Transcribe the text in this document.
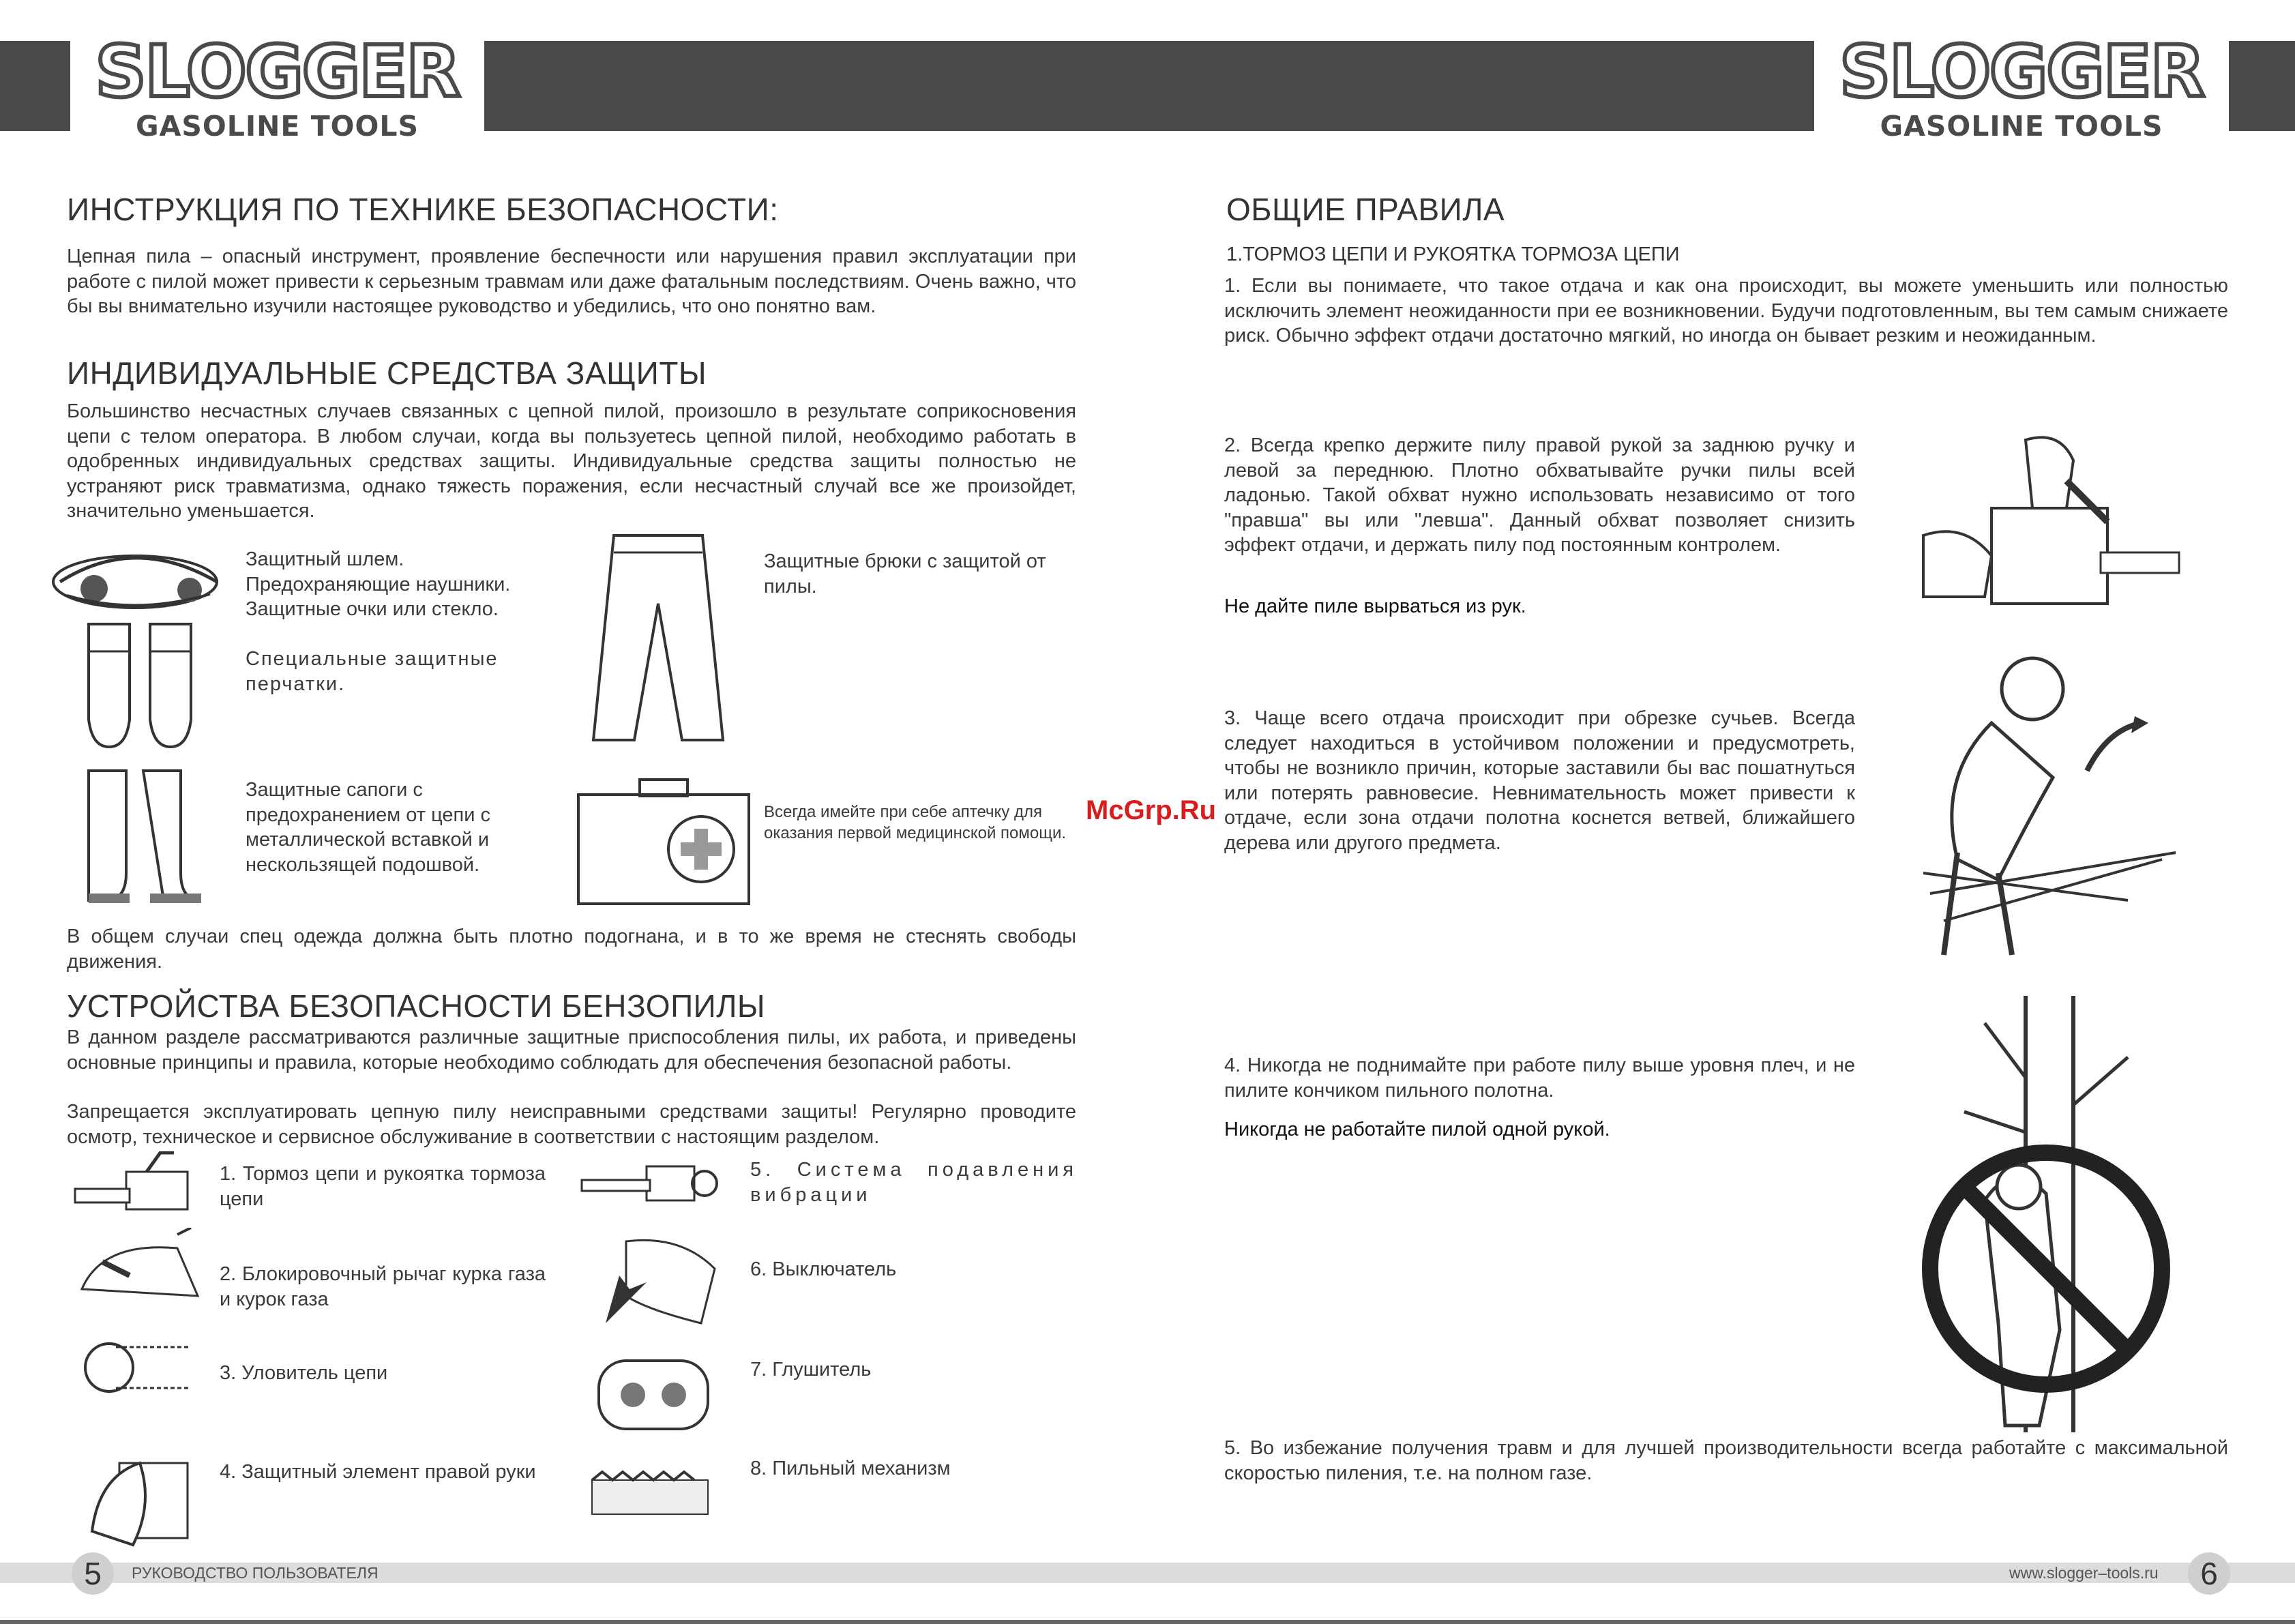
SLOGGER
GASOLINE TOOLS
SLOGGER
GASOLINE TOOLS
ИНСТРУКЦИЯ ПО ТЕХНИКЕ БЕЗОПАСНОСТИ:

Цепная пила – опасный инструмент, проявление беспечности или нарушения правил эксплуатации при работе с пилой может привести к серьезным травмам или даже фатальным последствиям. Очень важно, что бы вы внимательно изучили настоящее руководство и убедились, что оно понятно вам.

ИНДИВИДУАЛЬНЫЕ СРЕДСТВА ЗАЩИТЫ

Большинство несчастных случаев связанных с цепной пилой, произошло в результате соприкосновения цепи с телом оператора. В любом случаи, когда вы пользуетесь цепной пилой, необходимо работать в одобренных индивидуальных средствах защиты. Индивидуальные средства защиты полностью не устраняют риск травматизма, однако тяжесть поражения, если несчастный случай все же произойдет, значительно уменьшается.

Защитный шлем. Предохраняющие наушники. Защитные очки или стекло.
Специальные защитные перчатки.
Защитные сапоги с предохранением от цепи с металлической вставкой и нескользящей подошвой.
Защитные брюки с защитой от пилы.
Всегда имейте при себе аптечку для оказания первой медицинской помощи.

В общем случаи спец одежда должна быть плотно подогнана, и в то же время не стеснять свободы движения.

УСТРОЙСТВА БЕЗОПАСНОСТИ БЕНЗОПИЛЫ

В данном разделе рассматриваются различные защитные приспособления пилы, их работа, и приведены основные принципы и правила, которые необходимо соблюдать для обеспечения безопасной работы.

Запрещается эксплуатировать цепную пилу неисправными средствами защиты! Регулярно проводите осмотр, техническое и сервисное обслуживание в соответствии с настоящим разделом.

1. Тормоз цепи и рукоятка тормоза цепи
2. Блокировочный рычаг курка газа и курок газа
3. Уловитель цепи
4. Защитный элемент правой руки
5. Система подавления вибрации
6. Выключатель
7. Глушитель
8. Пильный механизм
McGrp.Ru
ОБЩИЕ ПРАВИЛА
1.ТОРМОЗ ЦЕПИ И РУКОЯТКА ТОРМОЗА ЦЕПИ

1. Если вы понимаете, что такое отдача и как она происходит, вы можете уменьшить или полностью исключить элемент неожиданности при ее возникновении. Будучи подготовленным, вы тем самым снижаете риск. Обычно эффект отдачи достаточно мягкий, но иногда он бывает резким и неожиданным.

2. Всегда крепко держите пилу правой рукой за заднюю ручку и левой за переднюю. Плотно обхватывайте ручки пилы всей ладонью. Такой обхват нужно использовать независимо от того "правша" вы или "левша". Данный обхват позволяет снизить эффект отдачи, и держать пилу под постоянным контролем.

Не дайте пиле вырваться из рук.

3. Чаще всего отдача происходит при обрезке сучьев. Всегда следует находиться в устойчивом положении и предусмотреть, чтобы не возникло причин, которые заставили бы вас пошатнуться или потерять равновесие. Невнимательность может привести к отдаче, если зона отдачи полотна коснется ветвей, ближайшего дерева или другого предмета.

4. Никогда не поднимайте при работе пилу выше уровня плеч, и не пилите кончиком пильного полотна.

Никогда не работайте пилой одной рукой.

5. Во избежание получения травм и для лучшей производительности всегда работайте с максимальной скоростью пиления, т.е. на полном газе.

5	РУКОВОДСТВО ПОЛЬЗОВАТЕЛЯ	www.slogger–tools.ru	6
